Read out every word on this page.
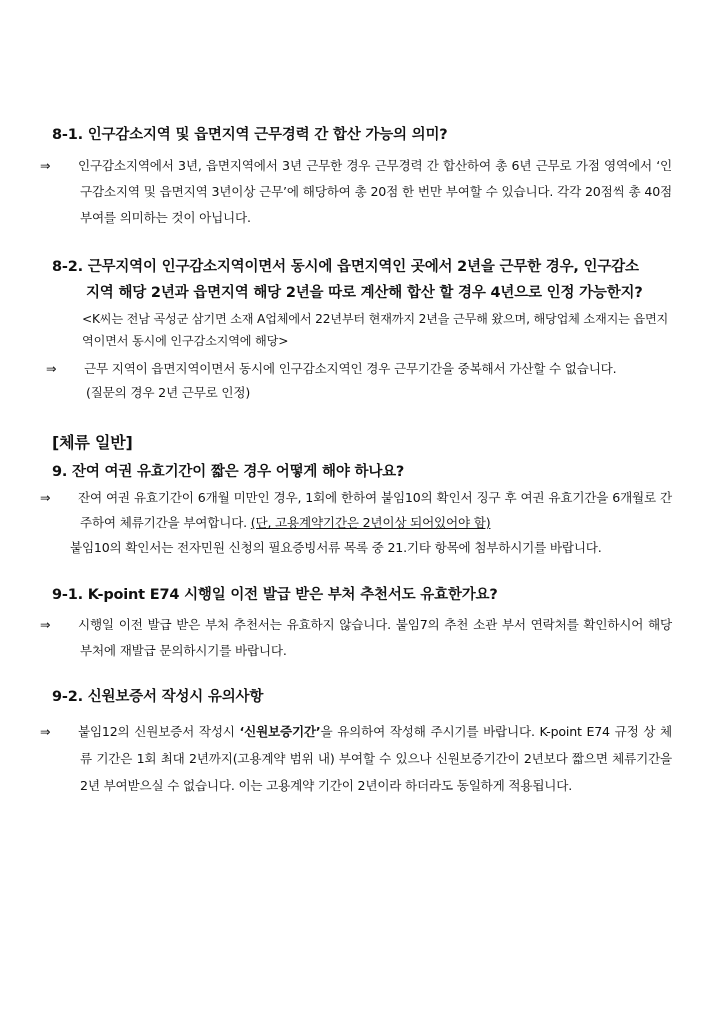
8-1. 인구감소지역 및 읍면지역 근무경력 간 합산 가능의 의미?

⇒ 인구감소지역에서 3년, 읍면지역에서 3년 근무한 경우 근무경력 간 합산하여 총 6년 근무로 가점 영역에서 ‘인구감소지역 및 읍면지역 3년이상 근무’에 해당하여 총 20점 한 번만 부여할 수 있습니다. 각각 20점씩 총 40점 부여를 의미하는 것이 아닙니다.

8-2. 근무지역이 인구감소지역이면서 동시에 읍면지역인 곳에서 2년을 근무한 경우, 인구감소
지역 해당 2년과 읍면지역 해당 2년을 따로 계산해 합산 할 경우 4년으로 인정 가능한지?

<K씨는 전남 곡성군 삼기면 소재 A업체에서 22년부터 현재까지 2년을 근무해 왔으며, 해당업체 소재지는 읍면지역이면서 동시에 인구감소지역에 해당>

⇒ 근무 지역이 읍면지역이면서 동시에 인구감소지역인 경우 근무기간을 중복해서 가산할 수 없습니다.

(질문의 경우 2년 근무로 인정)

[체류 일반]

9. 잔여 여권 유효기간이 짧은 경우 어떻게 해야 하나요?

⇒ 잔여 여권 유효기간이 6개월 미만인 경우, 1회에 한하여 붙임10의 확인서 징구 후 여권 유효기간을 6개월로 간주하여 체류기간을 부여합니다. (단, 고용계약기간은 2년이상 되어있어야 함)

붙임10의 확인서는 전자민원 신청의 필요증빙서류 목록 중 21.기타 항목에 첨부하시기를 바랍니다.

9-1. K-point E74 시행일 이전 발급 받은 부처 추천서도 유효한가요?

⇒ 시행일 이전 발급 받은 부처 추천서는 유효하지 않습니다. 붙임7의 추천 소관 부서 연락처를 확인하시어 해당 부처에 재발급 문의하시기를 바랍니다.

9-2. 신원보증서 작성시 유의사항

⇒ 붙임12의 신원보증서 작성시 ‘신원보증기간’을 유의하여 작성해 주시기를 바랍니다. K-point E74 규정 상 체류 기간은 1회 최대 2년까지(고용계약 범위 내) 부여할 수 있으나 신원보증기간이 2년보다 짧으면 체류기간을 2년 부여받으실 수 없습니다. 이는 고용계약 기간이 2년이라 하더라도 동일하게 적용됩니다.
